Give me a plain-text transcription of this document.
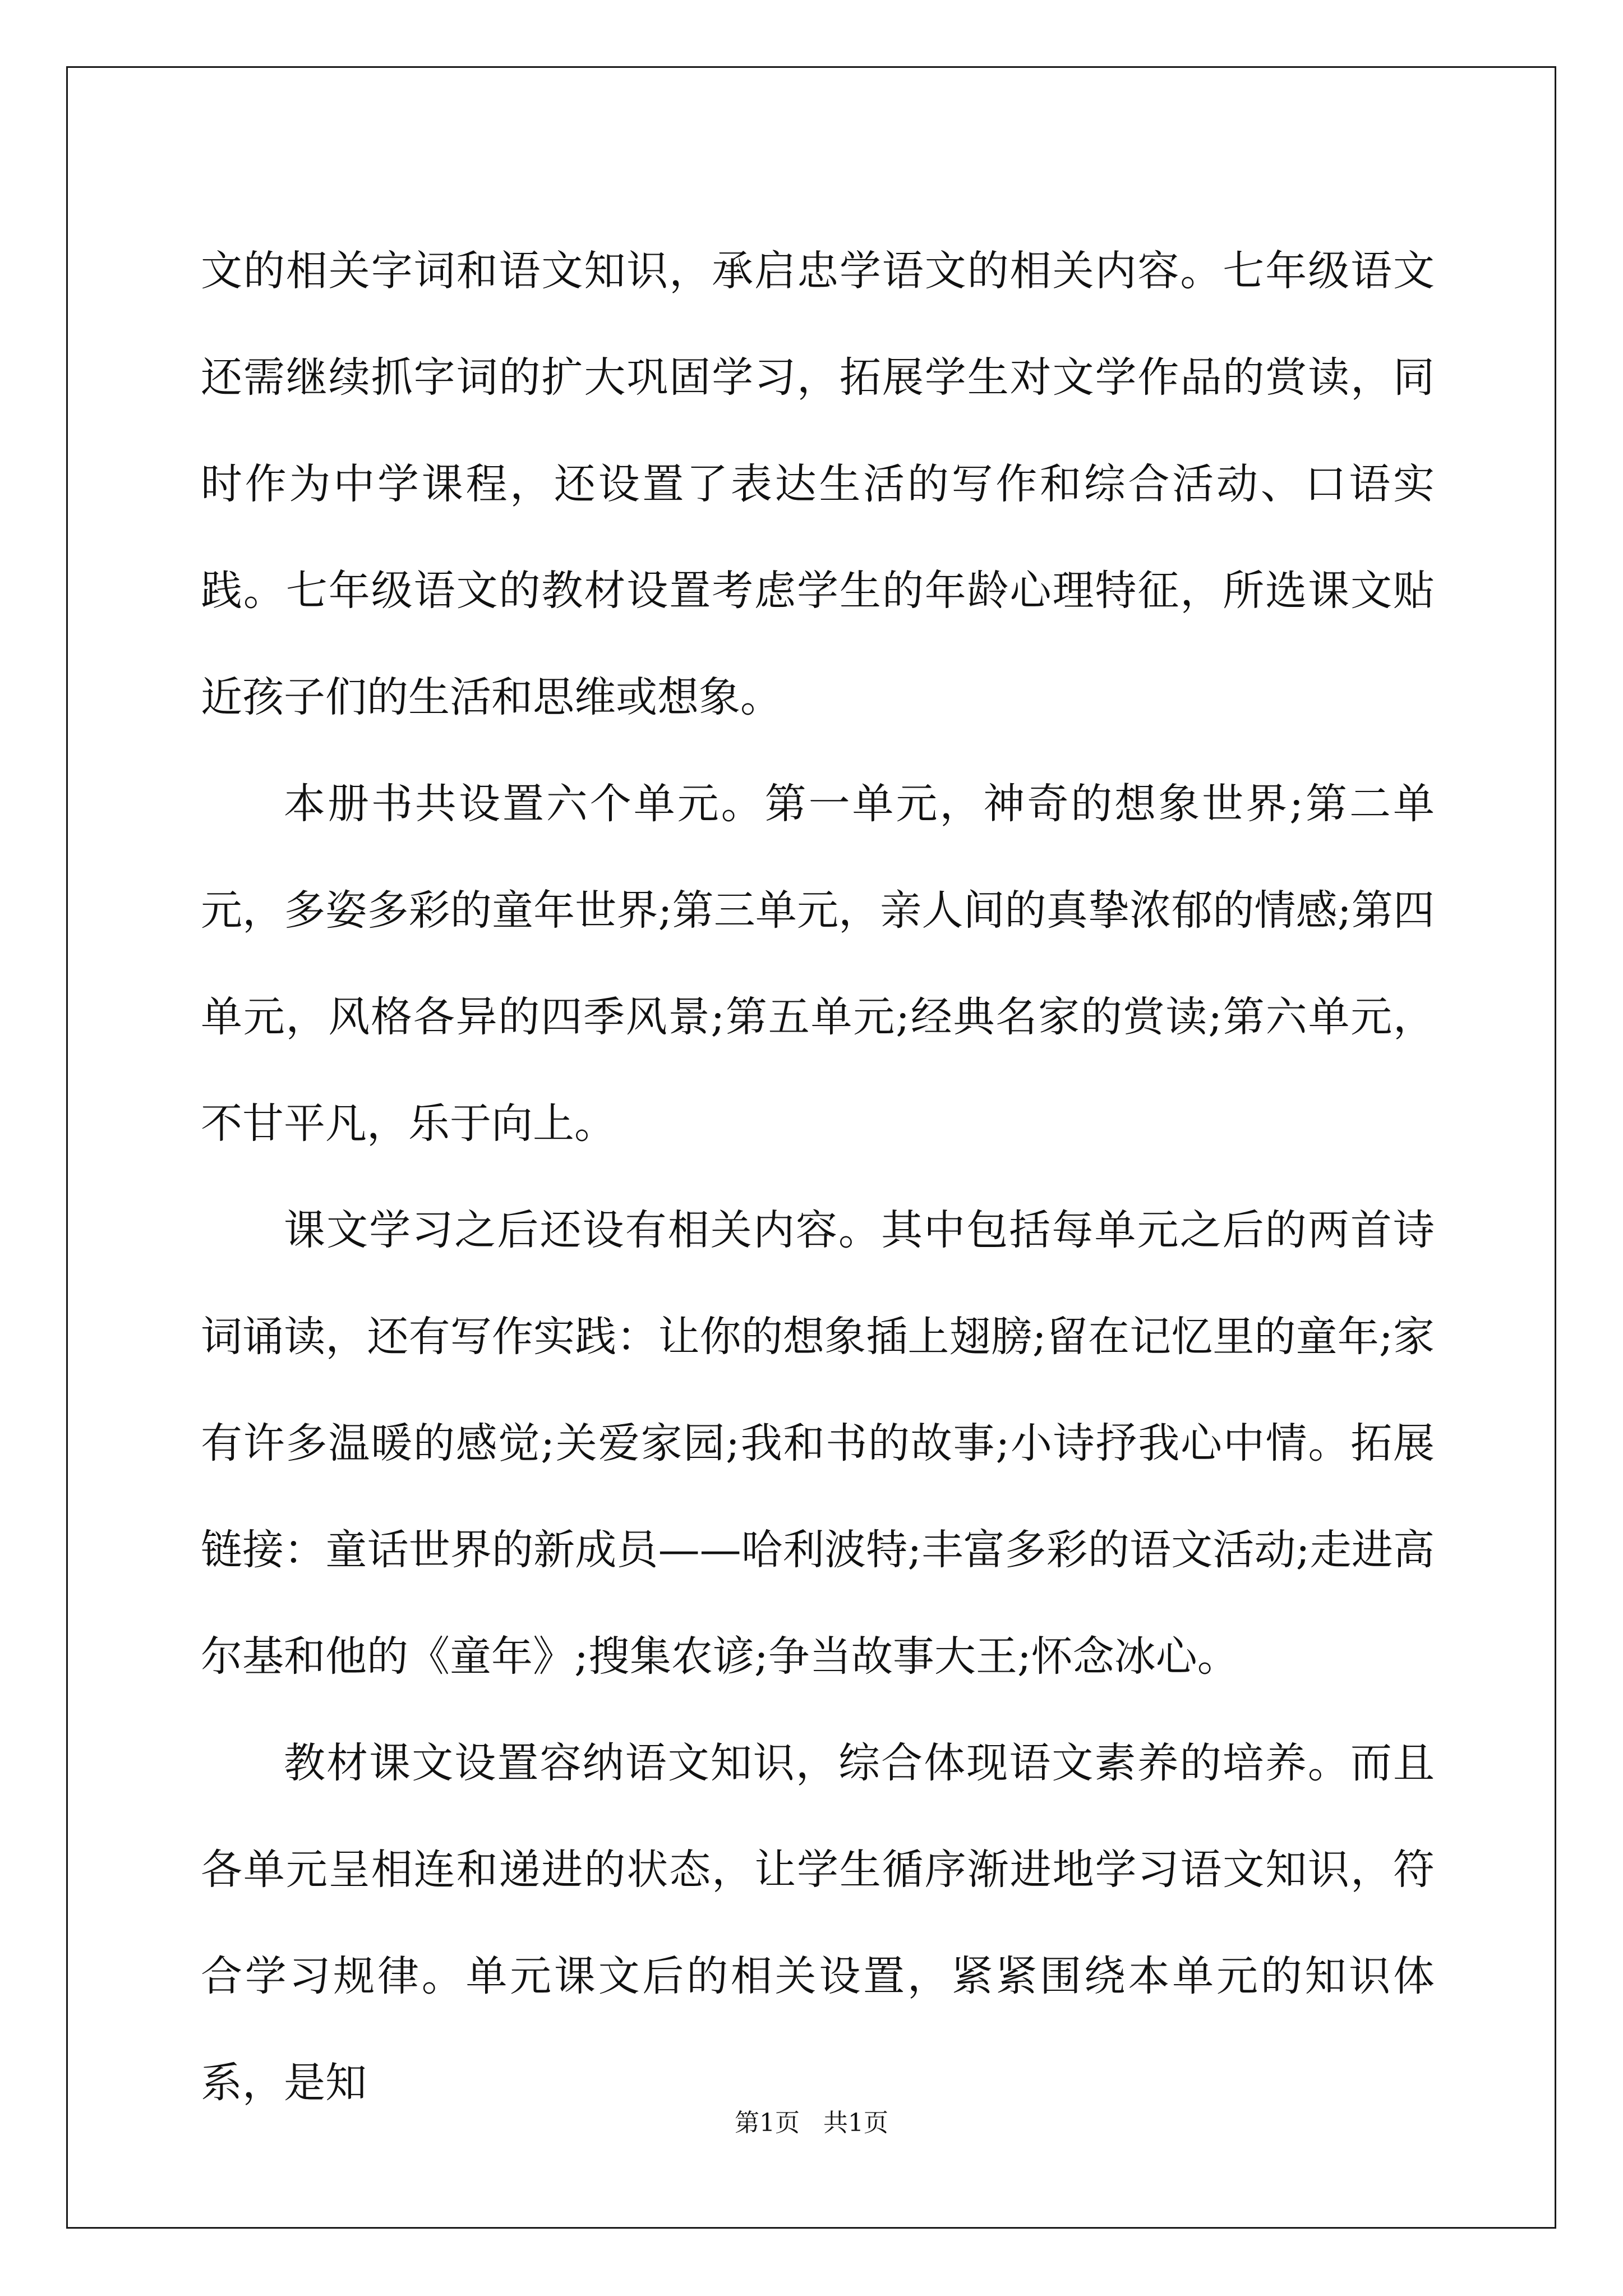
文的相关字词和语文知识，承启忠学语文的相关内容。七年级语文还需继续抓字词的扩大巩固学习，拓展学生对文学作品的赏读，同时作为中学课程，还设置了表达生活的写作和综合活动、口语实践。七年级语文的教材设置考虑学生的年龄心理特征，所选课文贴近孩子们的生活和思维或想象。

本册书共设置六个单元。第一单元，神奇的想象世界;第二单元，多姿多彩的童年世界;第三单元，亲人间的真挚浓郁的情感;第四单元，风格各异的四季风景;第五单元;经典名家的赏读;第六单元，不甘平凡，乐于向上。

课文学习之后还设有相关内容。其中包括每单元之后的两首诗词诵读，还有写作实践：让你的想象插上翅膀;留在记忆里的童年;家有许多温暖的感觉;关爱家园;我和书的故事;小诗抒我心中情。拓展链接：童话世界的新成员——哈利波特;丰富多彩的语文活动;走进高尔基和他的《童年》;搜集农谚;争当故事大王;怀念冰心。

教材课文设置容纳语文知识，综合体现语文素养的培养。而且各单元呈相连和递进的状态，让学生循序渐进地学习语文知识，符合学习规律。单元课文后的相关设置，紧紧围绕本单元的知识体系，是知

第1页 共1页
